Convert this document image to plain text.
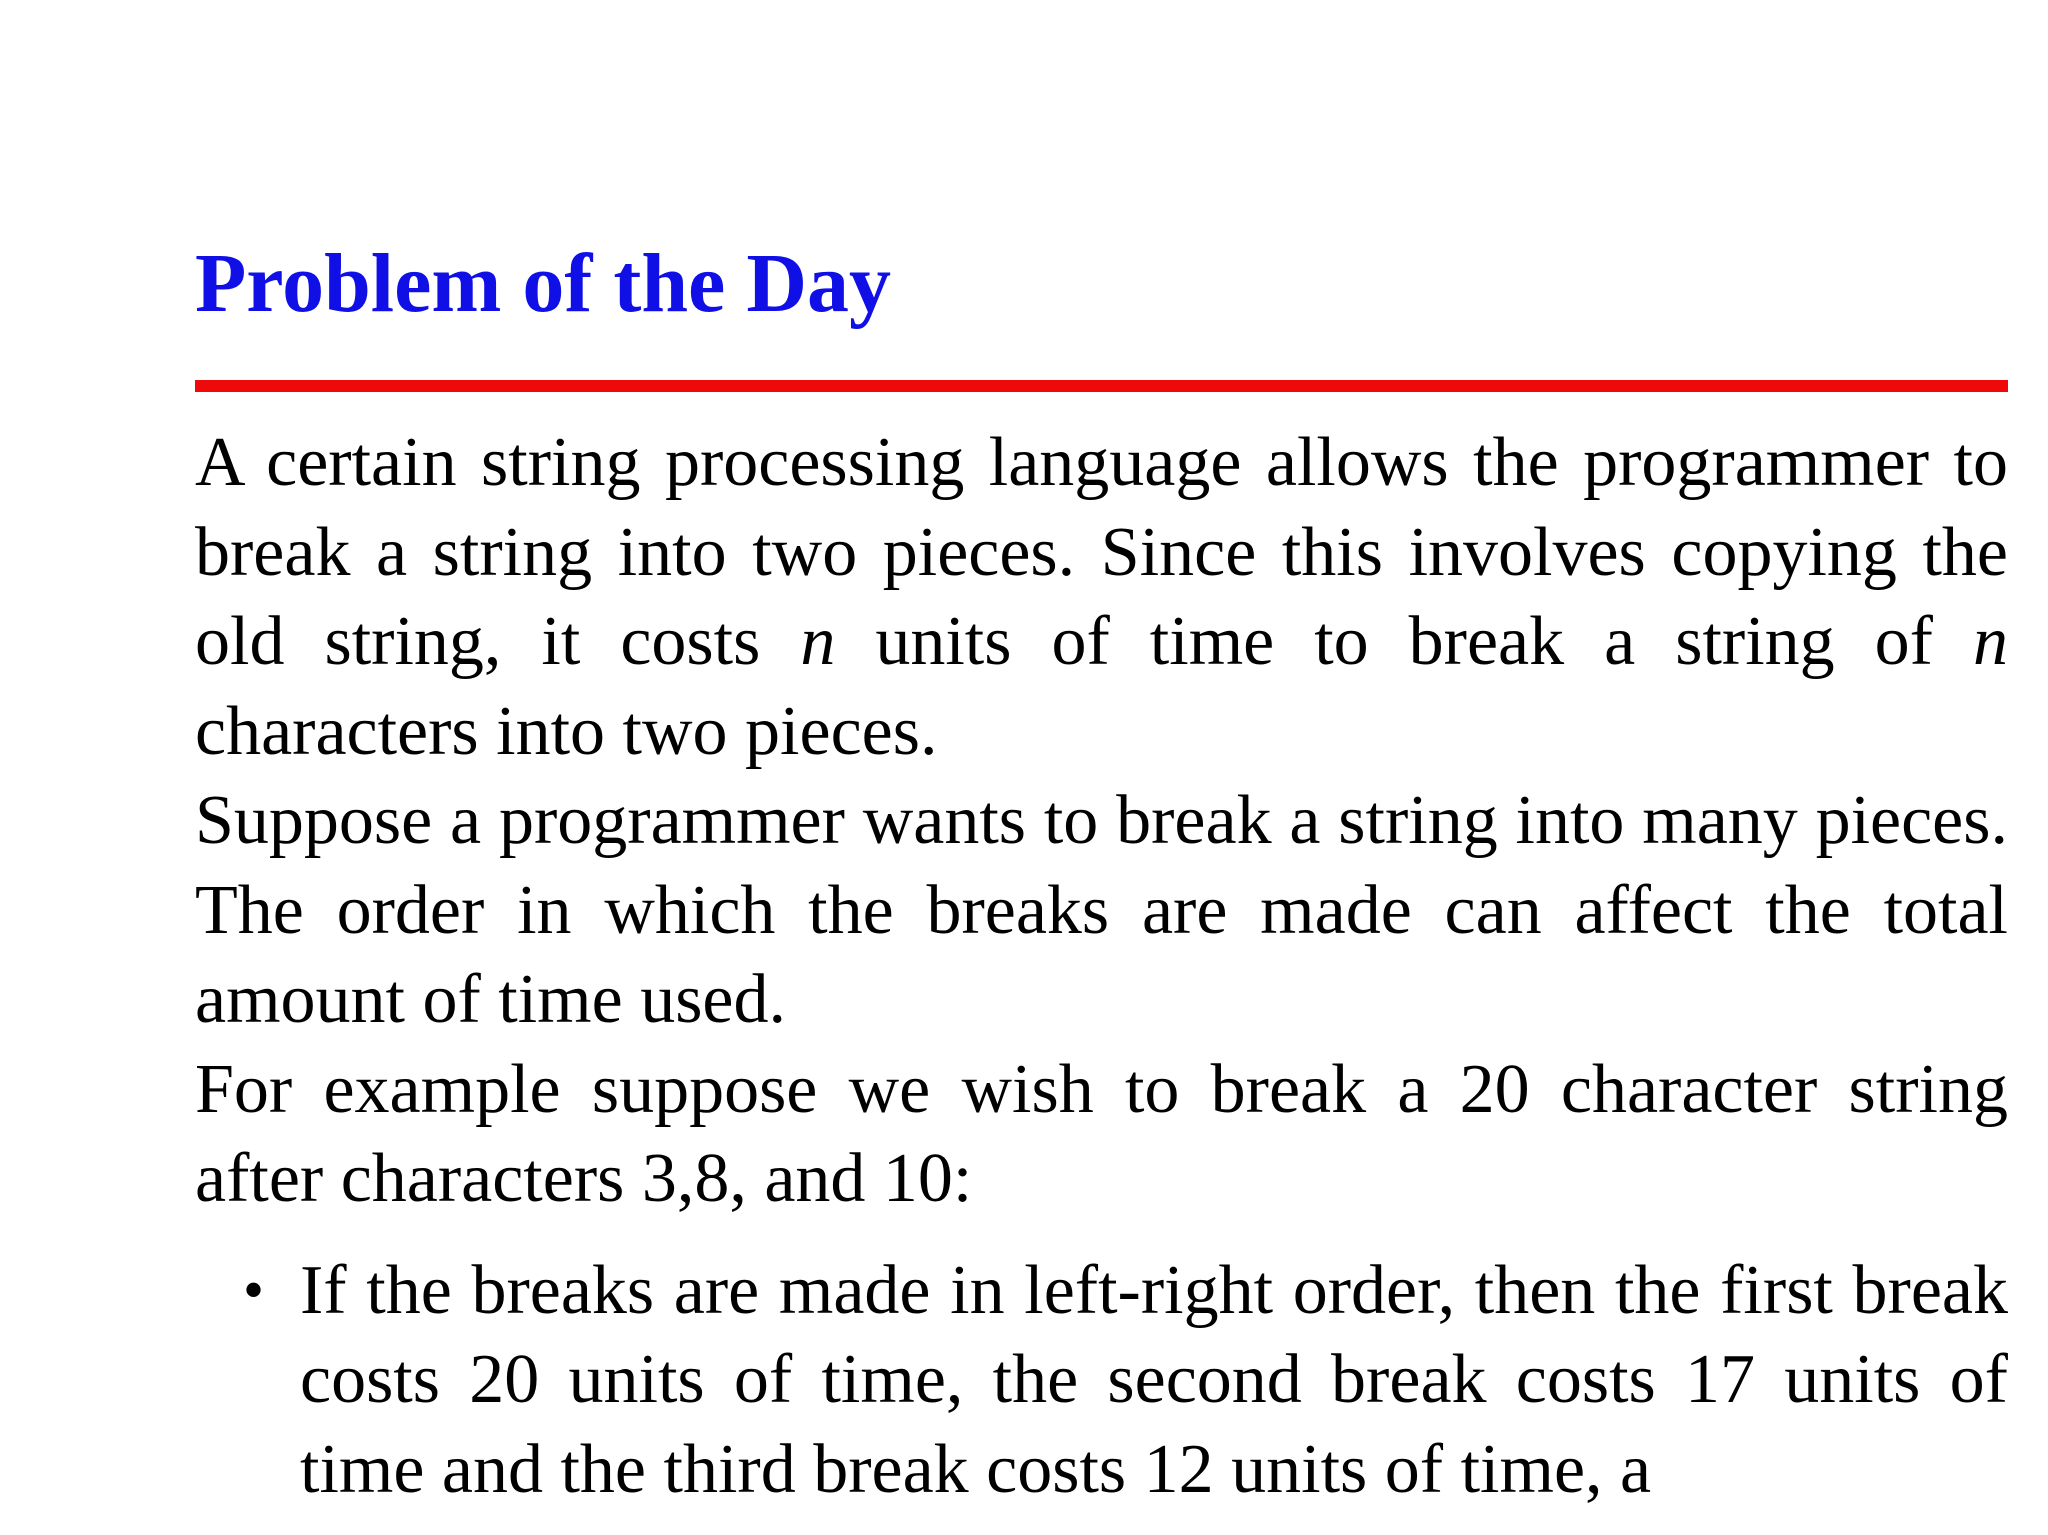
Problem of the Day

A certain string processing language allows the programmer to break a string into two pieces. Since this involves copying the old string, it costs n units of time to break a string of n characters into two pieces.

Suppose a programmer wants to break a string into many pieces. The order in which the breaks are made can affect the total amount of time used.

For example suppose we wish to break a 20 character string after characters 3,8, and 10:

• If the breaks are made in left-right order, then the first break costs 20 units of time, the second break costs 17 units of time and the third break costs 12 units of time, a
